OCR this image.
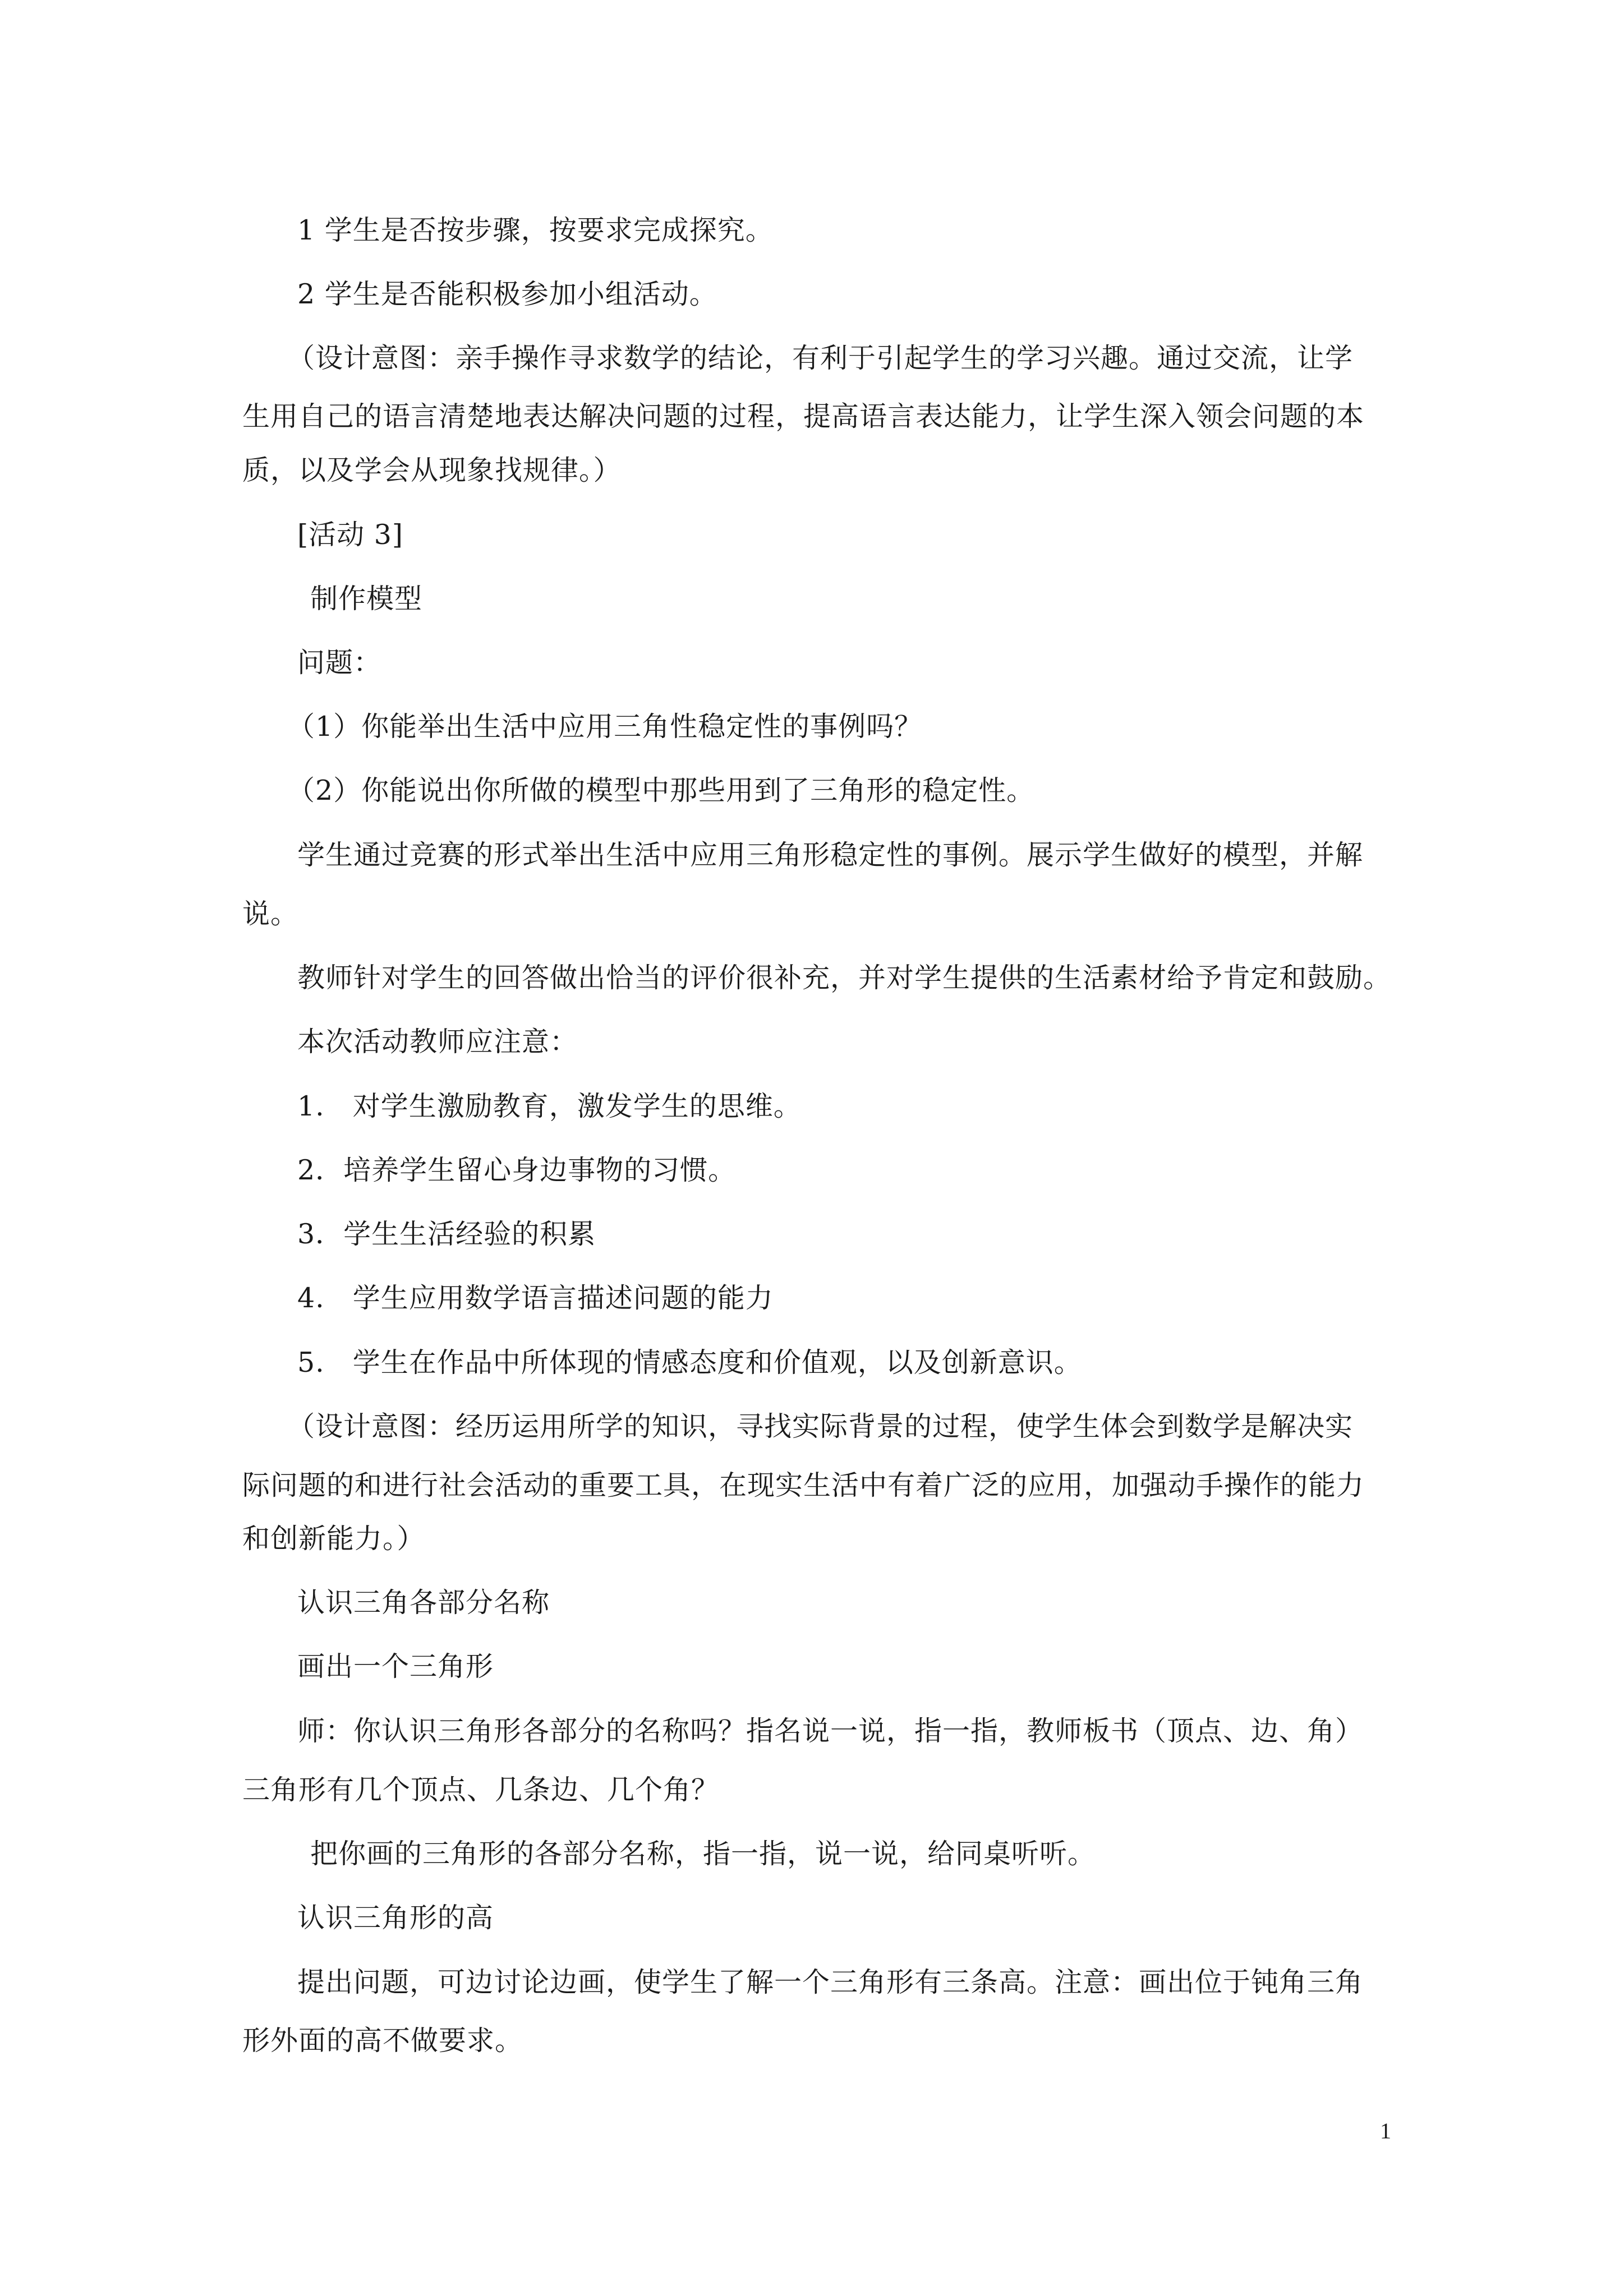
1 学生是否按步骤，按要求完成探究。
2 学生是否能积极参加小组活动。
（设计意图：亲手操作寻求数学的结论，有利于引起学生的学习兴趣。通过交流，让学
生用自己的语言清楚地表达解决问题的过程，提高语言表达能力，让学生深入领会问题的本
质，以及学会从现象找规律。）
[活动 3]
制作模型
问题：
（1）你能举出生活中应用三角性稳定性的事例吗？
（2）你能说出你所做的模型中那些用到了三角形的稳定性。
学生通过竞赛的形式举出生活中应用三角形稳定性的事例。展示学生做好的模型，并解
说。
教师针对学生的回答做出恰当的评价很补充，并对学生提供的生活素材给予肯定和鼓励。
本次活动教师应注意：
1.　对学生激励教育，激发学生的思维。
2．培养学生留心身边事物的习惯。
3．学生生活经验的积累
4.　学生应用数学语言描述问题的能力
5.　学生在作品中所体现的情感态度和价值观，以及创新意识。
（设计意图：经历运用所学的知识，寻找实际背景的过程，使学生体会到数学是解决实
际问题的和进行社会活动的重要工具，在现实生活中有着广泛的应用，加强动手操作的能力
和创新能力。）
认识三角各部分名称
画出一个三角形
师：你认识三角形各部分的名称吗？指名说一说，指一指，教师板书（顶点、边、角）
三角形有几个顶点、几条边、几个角？
把你画的三角形的各部分名称，指一指，说一说，给同桌听听。
认识三角形的高
提出问题，可边讨论边画，使学生了解一个三角形有三条高。注意：画出位于钝角三角
形外面的高不做要求。
1
